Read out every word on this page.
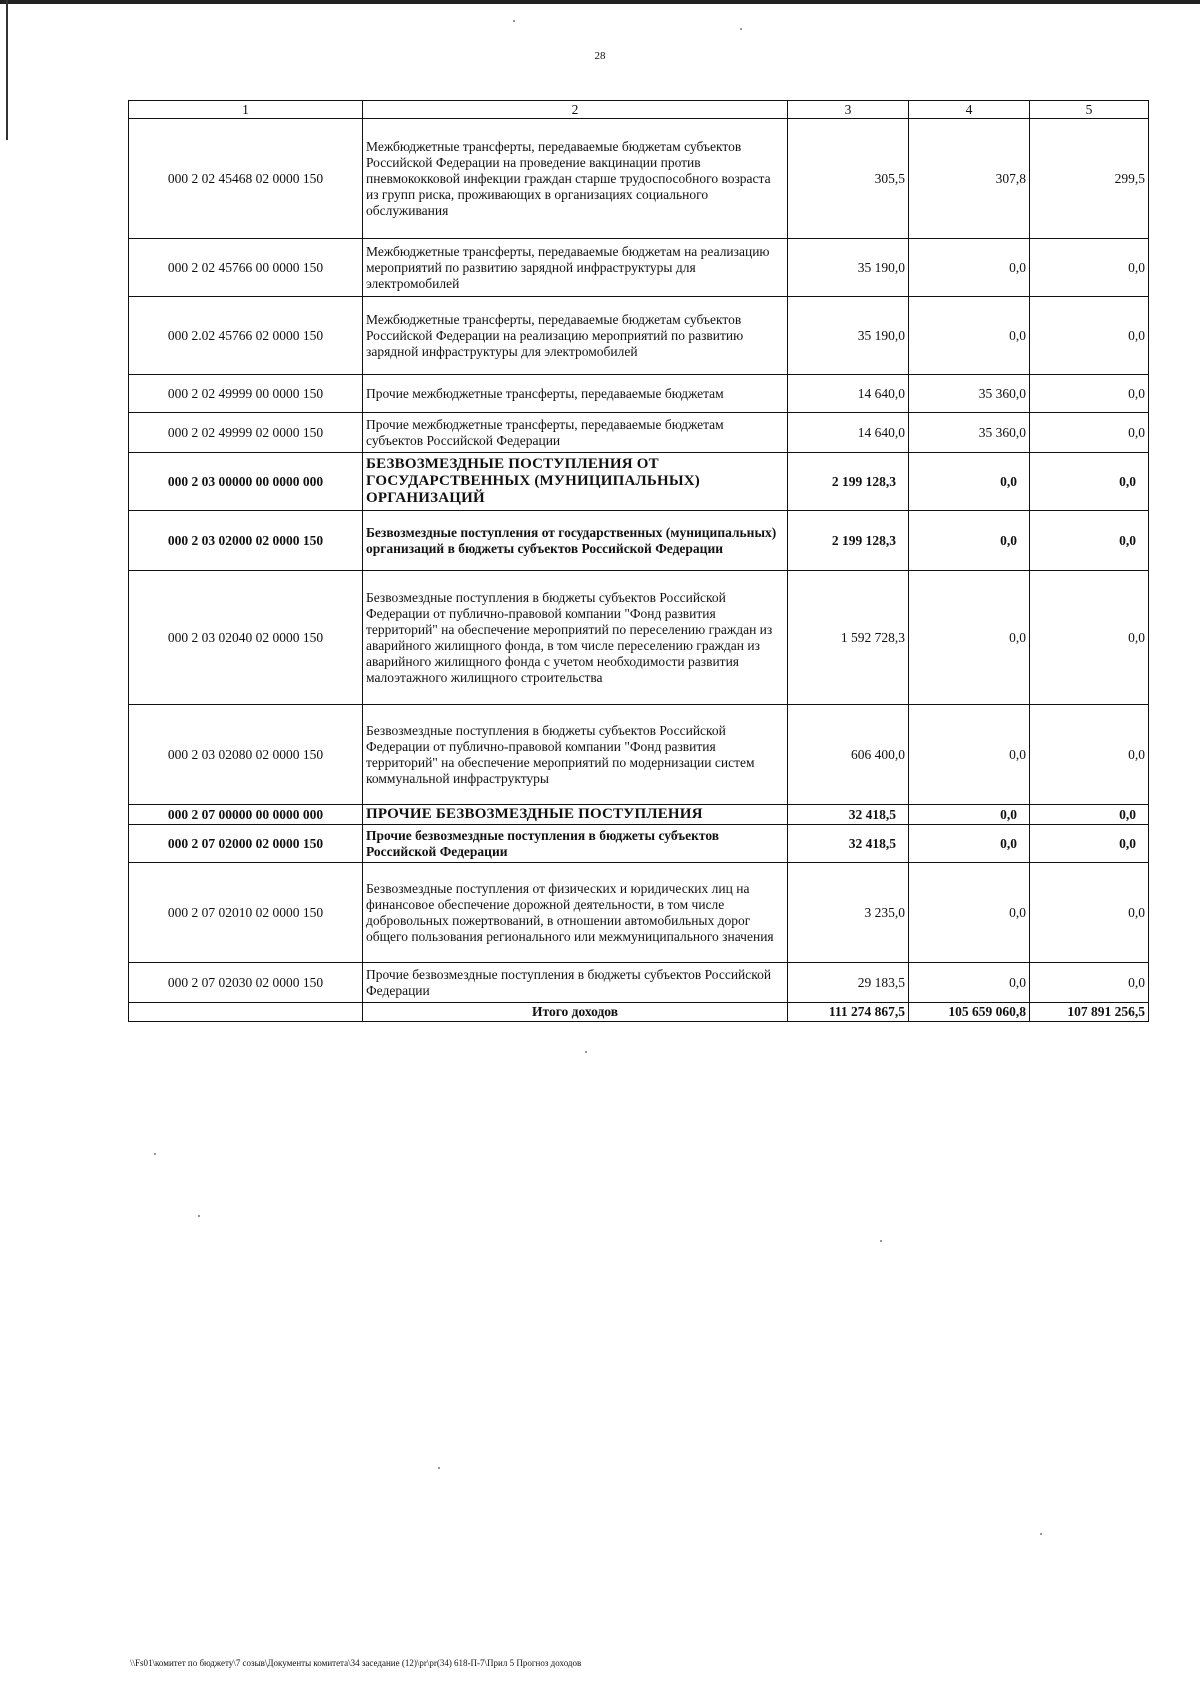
28
1	2	3	4	5
000 2 02 45468 02 0000 150	Межбюджетные трансферты, передаваемые бюджетам субъектов Российской Федерации на проведение вакцинации против пневмококковой инфекции граждан старше трудоспособного возраста из групп риска, проживающих в организациях социального обслуживания	305,5	307,8	299,5
000 2 02 45766 00 0000 150	Межбюджетные трансферты, передаваемые бюджетам на реализацию мероприятий по развитию зарядной инфраструктуры для электромобилей	35 190,0	0,0	0,0
000 2.02 45766 02 0000 150	Межбюджетные трансферты, передаваемые бюджетам субъектов Российской Федерации на реализацию мероприятий по развитию зарядной инфраструктуры для электромобилей	35 190,0	0,0	0,0
000 2 02 49999 00 0000 150	Прочие межбюджетные трансферты, передаваемые бюджетам	14 640,0	35 360,0	0,0
000 2 02 49999 02 0000 150	Прочие межбюджетные трансферты, передаваемые бюджетам субъектов Российской Федерации	14 640,0	35 360,0	0,0
000 2 03 00000 00 0000 000	БЕЗВОЗМЕЗДНЫЕ ПОСТУПЛЕНИЯ ОТ ГОСУДАРСТВЕННЫХ (МУНИЦИПАЛЬНЫХ) ОРГАНИЗАЦИЙ	2 199 128,3	0,0	0,0
000 2 03 02000 02 0000 150	Безвозмездные поступления от государственных (муниципальных) организаций в бюджеты субъектов Российской Федерации	2 199 128,3	0,0	0,0
000 2 03 02040 02 0000 150	Безвозмездные поступления в бюджеты субъектов Российской Федерации от публично-правовой компании "Фонд развития территорий" на обеспечение мероприятий по переселению граждан из аварийного жилищного фонда, в том числе переселению граждан из аварийного жилищного фонда с учетом необходимости развития малоэтажного жилищного строительства	1 592 728,3	0,0	0,0
000 2 03 02080 02 0000 150	Безвозмездные поступления в бюджеты субъектов Российской Федерации от публично-правовой компании "Фонд развития территорий" на обеспечение мероприятий по модернизации систем коммунальной инфраструктуры	606 400,0	0,0	0,0
000 2 07 00000 00 0000 000	ПРОЧИЕ БЕЗВОЗМЕЗДНЫЕ ПОСТУПЛЕНИЯ	32 418,5	0,0	0,0
000 2 07 02000 02 0000 150	Прочие безвозмездные поступления в бюджеты субъектов Российской Федерации	32 418,5	0,0	0,0
000 2 07 02010 02 0000 150	Безвозмездные поступления от физических и юридических лиц на финансовое обеспечение дорожной деятельности, в том числе добровольных пожертвований, в отношении автомобильных дорог общего пользования регионального или межмуниципального значения	3 235,0	0,0	0,0
000 2 07 02030 02 0000 150	Прочие безвозмездные поступления в бюджеты субъектов Российской Федерации	29 183,5	0,0	0,0
	Итого доходов	111 274 867,5	105 659 060,8	107 891 256,5
\\Fs01\комитет по бюджету\7 созыв\Документы комитета\34 заседание (12)\pr\pr(34) 618-П-7\Прил 5 Прогноз доходов
